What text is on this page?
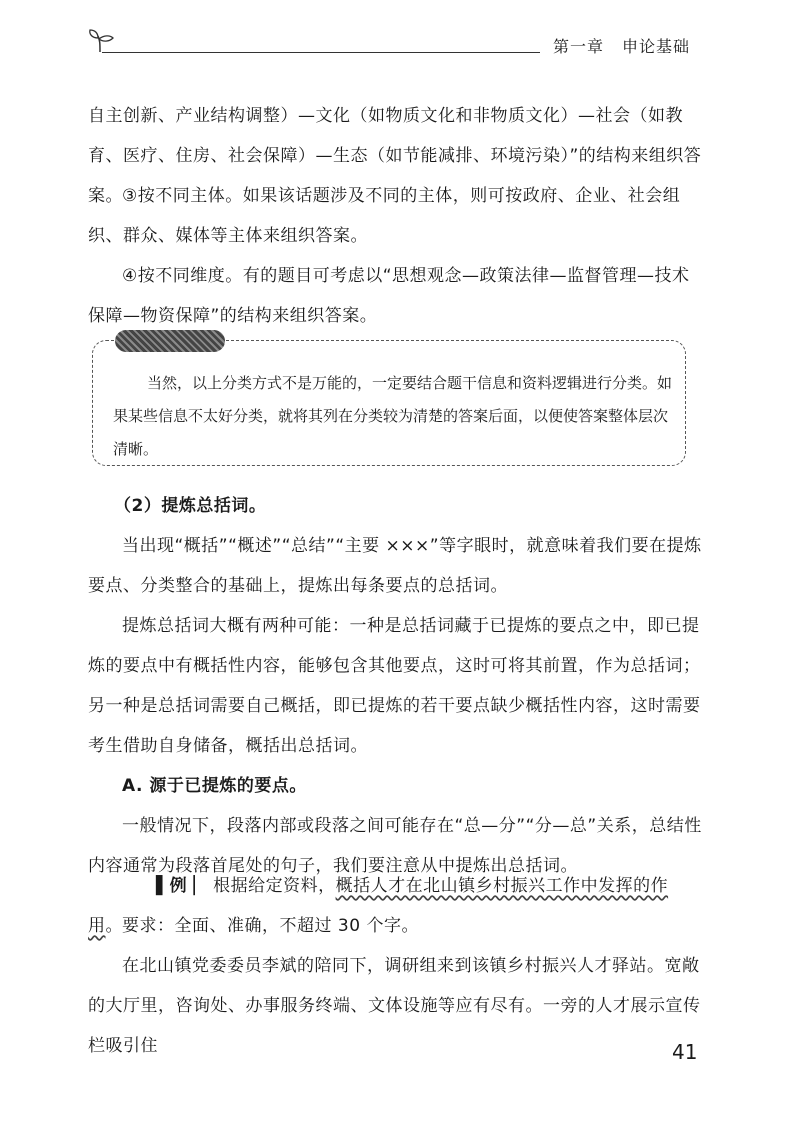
第一章 申论基础

自主创新、产业结构调整）—文化（如物质文化和非物质文化）—社会（如教育、医疗、住房、社会保障）—生态（如节能减排、环境污染）”的结构来组织答案。 ③按不同主体。如果该话题涉及不同的主体，则可按政府、企业、社会组织、群众、媒体等主体来组织答案。

④按不同维度。有的题目可考虑以“思想观念—政策法律—监督管理—技术保障—物资保障”的结构来组织答案。

当然，以上分类方式不是万能的，一定要结合题干信息和资料逻辑进行分类。如果某些信息不太好分类，就将其列在分类较为清楚的答案后面，以便使答案整体层次清晰。

（2）提炼总括词。

当出现“概括”“概述”“总结”“主要 ×××”等字眼时，就意味着我们要在提炼要点、分类整合的基础上，提炼出每条要点的总括词。

提炼总括词大概有两种可能：一种是总括词藏于已提炼的要点之中，即已提炼的要点中有概括性内容，能够包含其他要点，这时可将其前置，作为总括词；另一种是总括词需要自己概括，即已提炼的若干要点缺少概括性内容，这时需要考生借助自身储备，概括出总括词。

A. 源于已提炼的要点。

一般情况下，段落内部或段落之间可能存在“总—分”“分—总”关系，总结性内容通常为段落首尾处的句子，我们要注意从中提炼出总括词。

▌例 ▏ 根据给定资料，概括人才在北山镇乡村振兴工作中发挥的作用。 要求：全面、准确，不超过 30 个字。

在北山镇党委委员李斌的陪同下，调研组来到该镇乡村振兴人才驿站。宽敞的大厅里，咨询处、办事服务终端、文体设施等应有尽有。一旁的人才展示宣传栏吸引住	41
